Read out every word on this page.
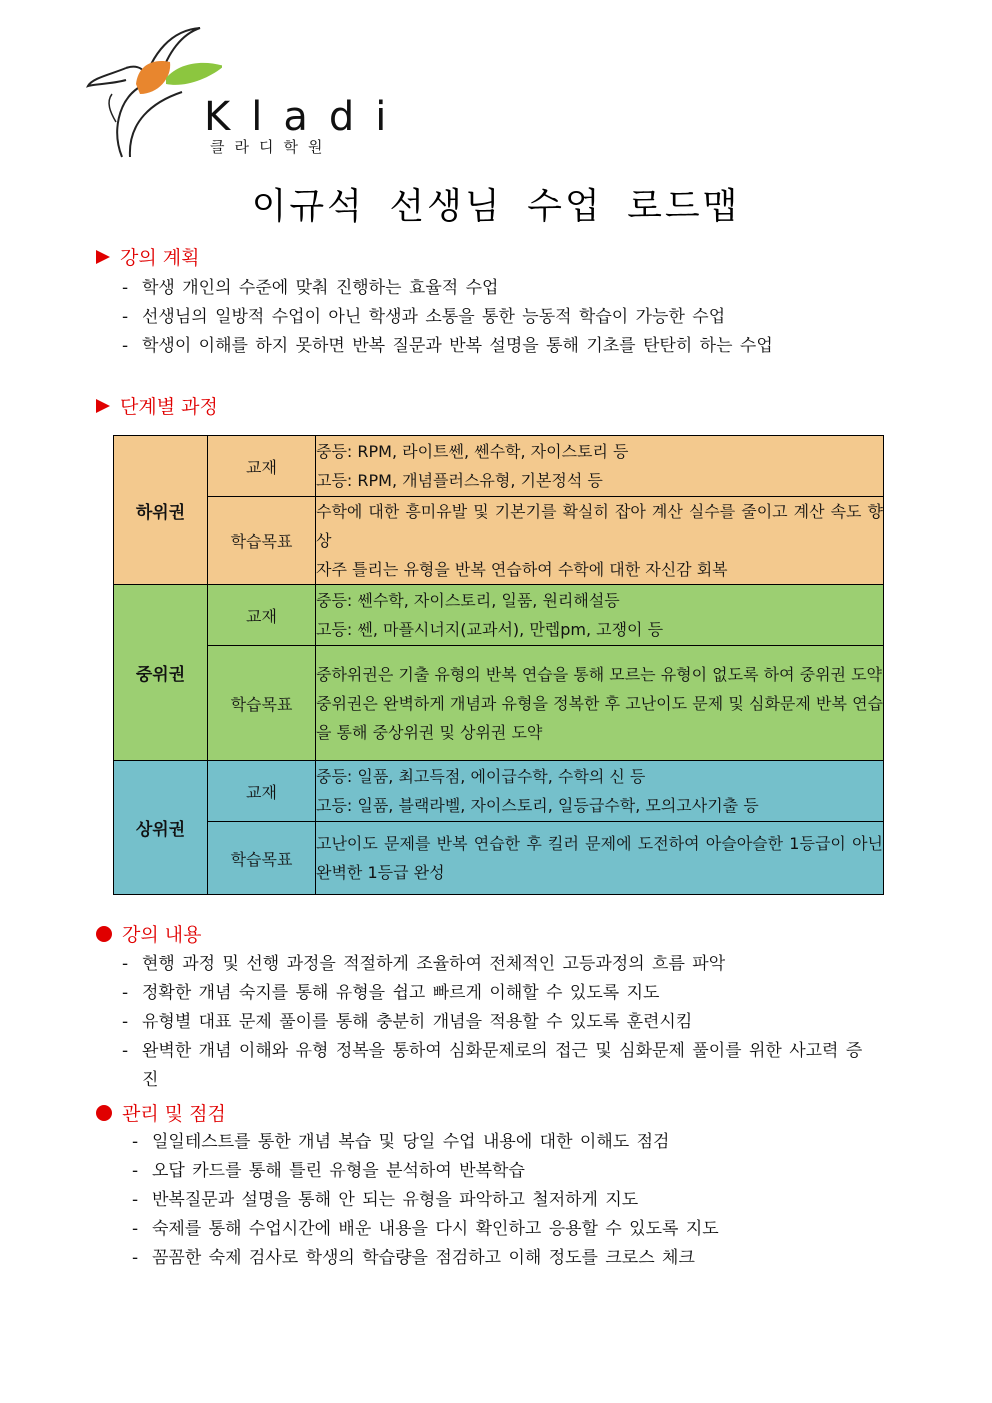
Kladi
클라디학원
이규석 선생님 수업 로드맵
강의 계획
- 학생 개인의 수준에 맞춰 진행하는 효율적 수업
- 선생님의 일방적 수업이 아닌 학생과 소통을 통한 능동적 학습이 가능한 수업
- 학생이 이해를 하지 못하면 반복 질문과 반복 설명을 통해 기초를 탄탄히 하는 수업
단계별 과정
하위권	교재	중등: RPM, 라이트쎈, 쎈수학, 자이스토리 등
고등: RPM, 개념플러스유형, 기본정석 등

	학습목표	수학에 대한 흥미유발 및 기본기를 확실히 잡아 계산 실수를 줄이고 계산 속도 향상
자주 틀리는 유형을 반복 연습하여 수학에 대한 자신감 회복

중위권	교재	중등: 쎈수학, 자이스토리, 일품, 원리해설등
고등: 쎈, 마플시너지(교과서), 만렙pm, 고쟁이 등

	학습목표	중하위권은 기출 유형의 반복 연습을 통해 모르는 유형이 없도록 하여 중위권 도약
중위권은 완벽하게 개념과 유형을 정복한 후 고난이도 문제 및 심화문제 반복 연습을 통해 중상위권 및 상위권 도약

상위권	교재	중등: 일품, 최고득점, 에이급수학, 수학의 신 등
고등: 일품, 블랙라벨, 자이스토리, 일등급수학, 모의고사기출 등

	학습목표	고난이도 문제를 반복 연습한 후 킬러 문제에 도전하여 아슬아슬한 1등급이 아닌 완벽한 1등급 완성
강의 내용
- 현행 과정 및 선행 과정을 적절하게 조율하여 전체적인 고등과정의 흐름 파악
- 정확한 개념 숙지를 통해 유형을 쉽고 빠르게 이해할 수 있도록 지도
- 유형별 대표 문제 풀이를 통해 충분히 개념을 적용할 수 있도록 훈련시킴
- 완벽한 개념 이해와 유형 정복을 통하여 심화문제로의 접근 및 심화문제 풀이를 위한 사고력 증진
관리 및 점검
- 일일테스트를 통한 개념 복습 및 당일 수업 내용에 대한 이해도 점검
- 오답 카드를 통해 틀린 유형을 분석하여 반복학습
- 반복질문과 설명을 통해 안 되는 유형을 파악하고 철저하게 지도
- 숙제를 통해 수업시간에 배운 내용을 다시 확인하고 응용할 수 있도록 지도
- 꼼꼼한 숙제 검사로 학생의 학습량을 점검하고 이해 정도를 크로스 체크
